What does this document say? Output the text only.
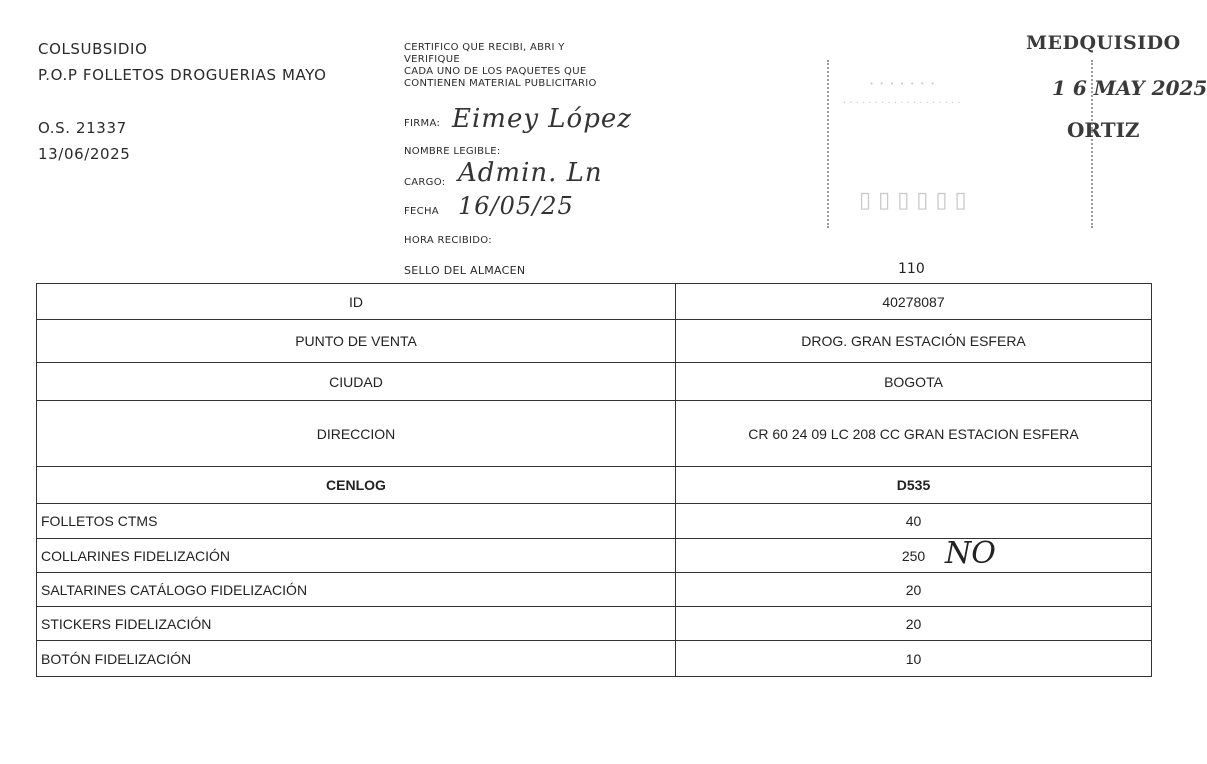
COLSUBSIDIO
P.O.P FOLLETOS DROGUERIAS MAYO
O.S. 21337
13/06/2025
CERTIFICO QUE RECIBI, ABRI Y
VERIFIQUE
CADA UNO DE LOS PAQUETES QUE
CONTIENEN MATERIAL PUBLICITARIO
FIRMA: Eimey López
NOMBRE LEGIBLE:
CARGO: Admin. Ln
FECHA 16/05/25
HORA RECIBIDO:
SELLO DEL ALMACEN	110
MEDQUISIDO
· · · · · · ·
· · · · · · · · · · · · · · · · · · ·
▯ ▯ ▯ ▯ ▯ ▯
1 6 MAY 2025
ORTIZ
ID	40278087
PUNTO DE VENTA	DROG. GRAN ESTACIÓN ESFERA
CIUDAD	BOGOTA
DIRECCION	CR 60 24 09 LC 208 CC GRAN ESTACION ESFERA
CENLOG	D535
FOLLETOS CTMS	40
COLLARINES FIDELIZACIÓN	250
SALTARINES CATÁLOGO FIDELIZACIÓN	20
STICKERS FIDELIZACIÓN	20
BOTÓN FIDELIZACIÓN	10
NO
